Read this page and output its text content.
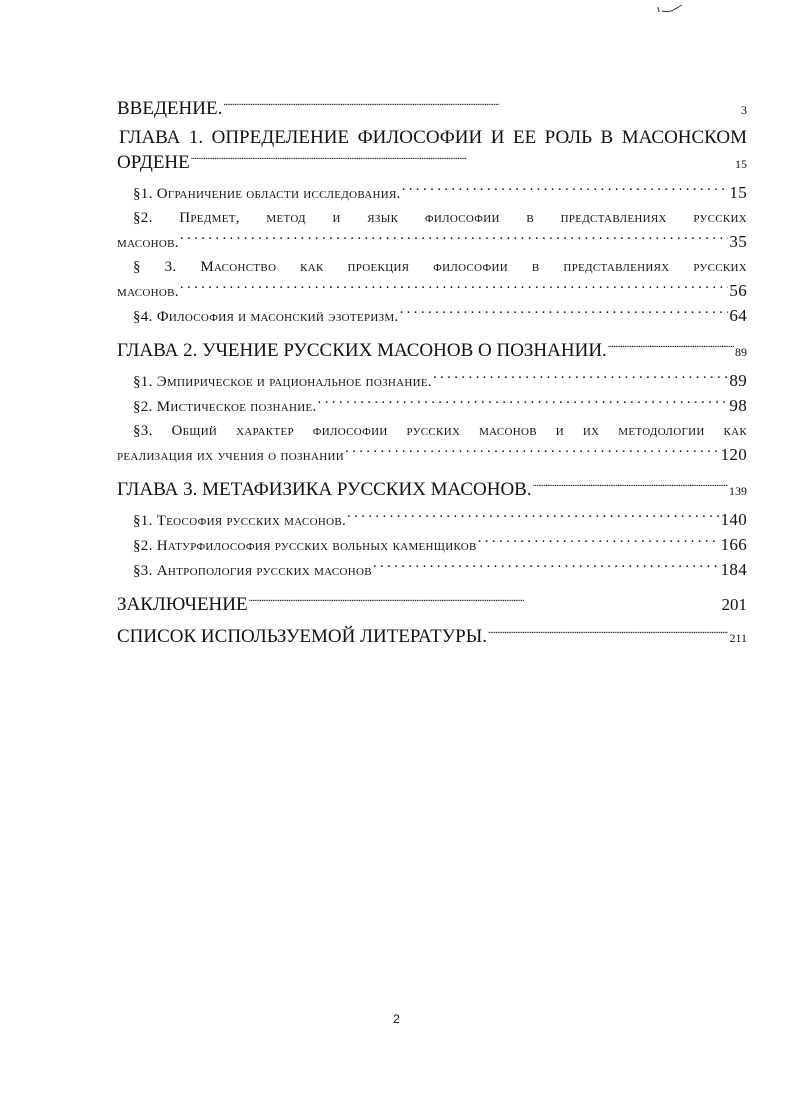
ВВЕДЕНИЕ. . . .	3
ГЛАВА 1. ОПРЕДЕЛЕНИЕ ФИЛОСОФИИ И ЕЕ РОЛЬ В МАСОНСКОМ
ОРДЕНЕ . . .	15
§1. Ограничение области исследования. . . .	15
§2. Предмет, метод и язык философии в представлениях русских
масонов. . . .	35
§ 3. Масонство как проекция философии в представлениях русских
масонов. . . .	56
§4. Философия и масонский эзотеризм. . . .	64
ГЛАВА 2. УЧЕНИЕ РУССКИХ МАСОНОВ О ПОЗНАНИИ. . . .	89
§1. Эмпирическое и рациональное познание. . . .	89
§2. Мистическое познание. . . .	98
§3. Общий характер философии русских масонов и их методологии как
реализация их учения о познании . . .	120
ГЛАВА 3. МЕТАФИЗИКА РУССКИХ МАСОНОВ. . . .	139
§1. Теософия русских масонов. . . .	140
§2. Натурфилософия русских вольных каменщиков . . .	166
§3. Антропология русских масонов . . .	184
ЗАКЛЮЧЕНИЕ . . .	201
СПИСОК ИСПОЛЬЗУЕМОЙ ЛИТЕРАТУРЫ. . . .	211
2
